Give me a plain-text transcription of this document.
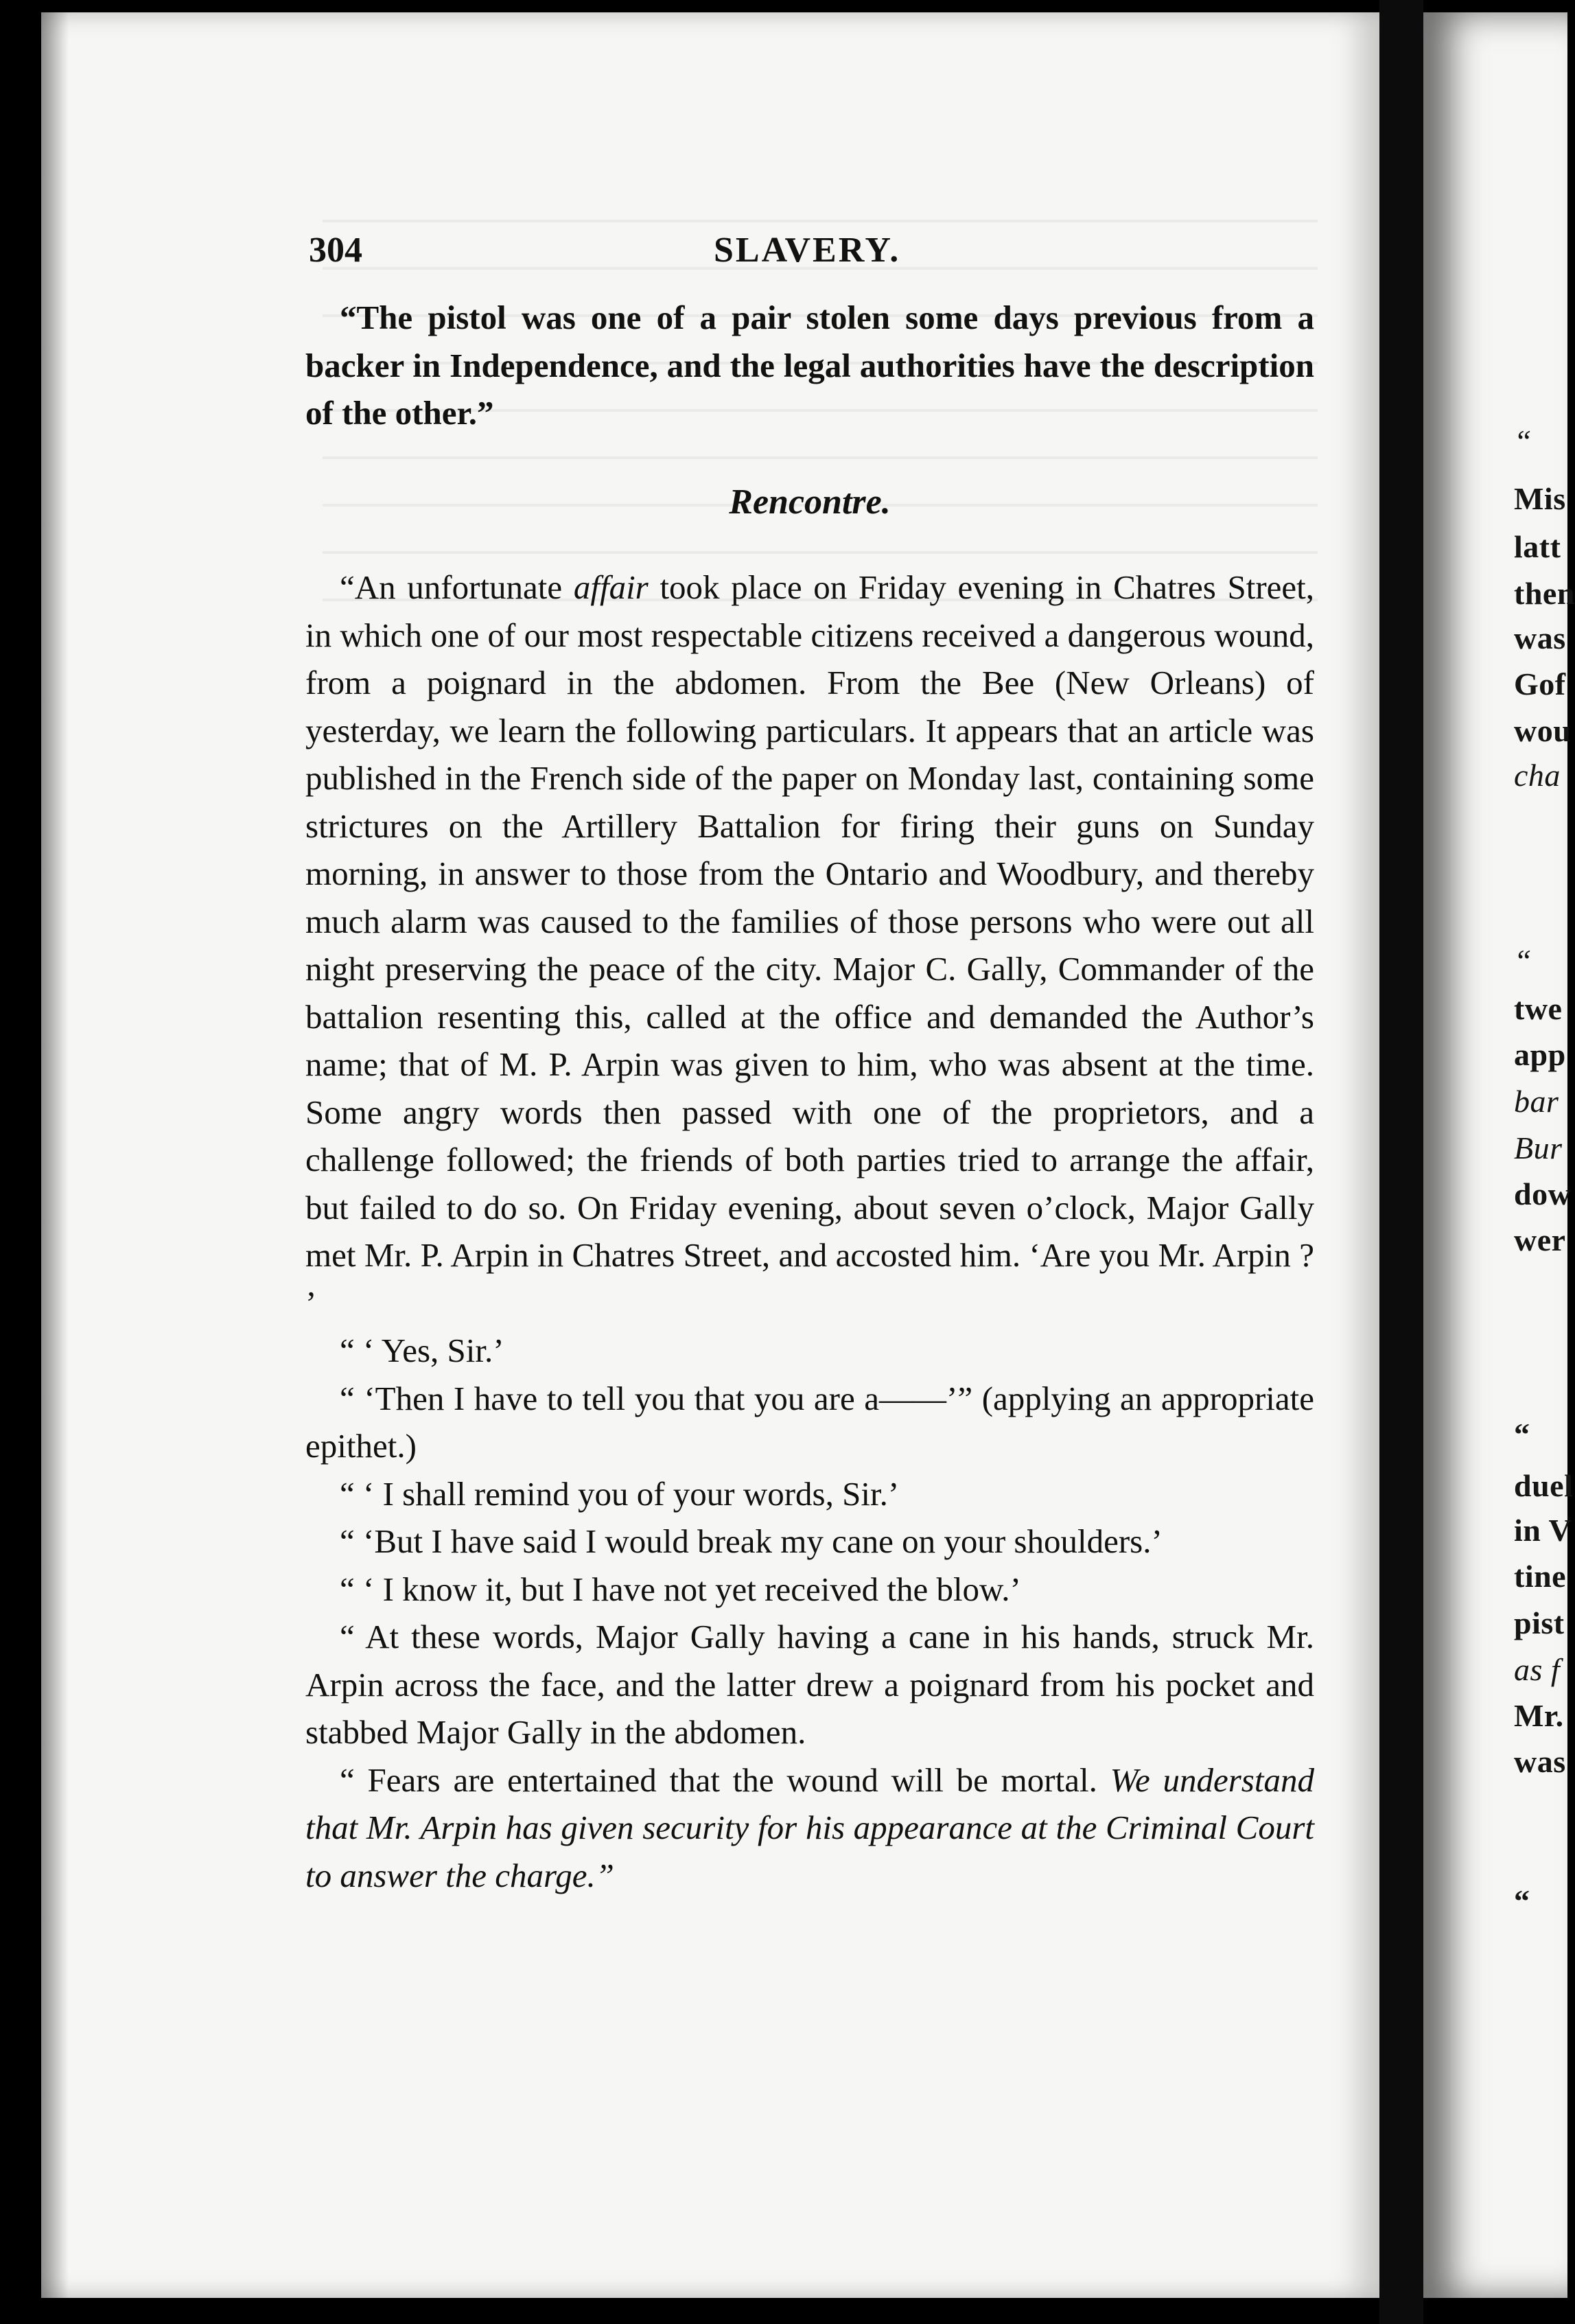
“
Mis
latt
then
was
Gof
wou
cha
“
twe
app
bar
Bur
dow
wer
“
duel
in V
tine
pist
as f
Mr.
was
“
304	SLAVERY.

“The pistol was one of a pair stolen some days previous from a backer in Independence, and the legal authorities have the description of the other.”

Rencontre.

“An unfortunate affair took place on Friday evening in Chatres Street, in which one of our most respectable citizens received a dangerous wound, from a poignard in the abdomen. From the Bee (New Orleans) of yesterday, we learn the following particulars. It appears that an article was published in the French side of the paper on Monday last, containing some strictures on the Artillery Battalion for firing their guns on Sunday morning, in answer to those from the Ontario and Woodbury, and thereby much alarm was caused to the families of those persons who were out all night preserving the peace of the city. Major C. Gally, Commander of the battalion resenting this, called at the office and demanded the Author’s name; that of M. P. Arpin was given to him, who was absent at the time. Some angry words then passed with one of the proprietors, and a challenge followed; the friends of both parties tried to arrange the affair, but failed to do so. On Friday evening, about seven o’clock, Major Gally met Mr. P. Arpin in Chatres Street, and accosted him. ‘Are you Mr. Arpin ? ’

“ ‘ Yes, Sir.’

“ ‘Then I have to tell you that you are a——’” (applying an appropriate epithet.)

“ ‘ I shall remind you of your words, Sir.’

“ ‘But I have said I would break my cane on your shoulders.’

“ ‘ I know it, but I have not yet received the blow.’

“ At these words, Major Gally having a cane in his hands, struck Mr. Arpin across the face, and the latter drew a poignard from his pocket and stabbed Major Gally in the abdomen.

“ Fears are entertained that the wound will be mortal. We understand that Mr. Arpin has given security for his appearance at the Criminal Court to answer the charge.”
